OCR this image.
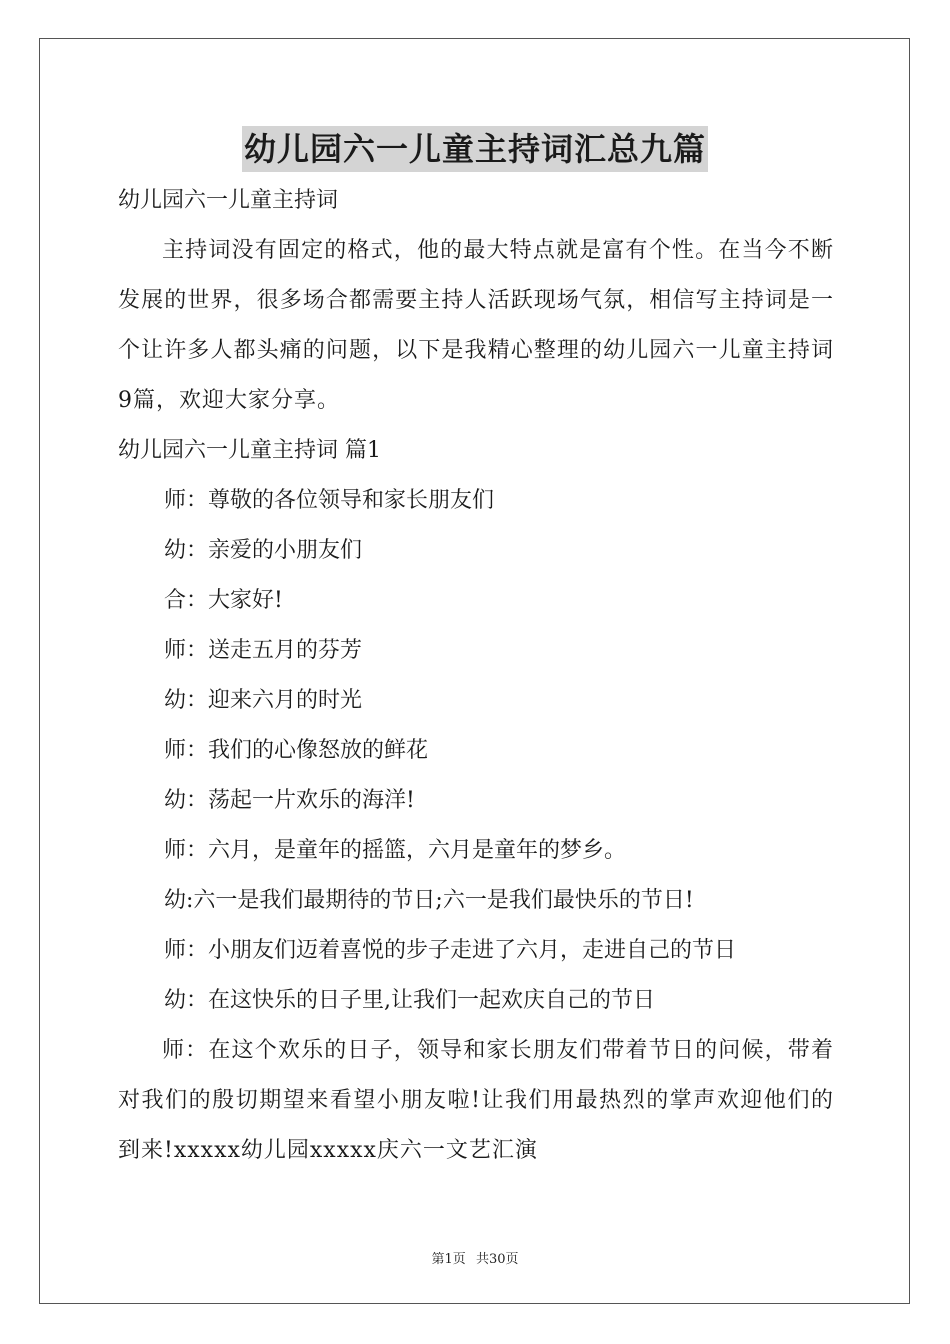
幼儿园六一儿童主持词汇总九篇

幼儿园六一儿童主持词

主持词没有固定的格式，他的最大特点就是富有个性。在当今不断发展的世界，很多场合都需要主持人活跃现场气氛，相信写主持词是一个让许多人都头痛的问题，以下是我精心整理的幼儿园六一儿童主持词9篇，欢迎大家分享。

幼儿园六一儿童主持词 篇1

师：尊敬的各位领导和家长朋友们

幼：亲爱的小朋友们

合：大家好!

师：送走五月的芬芳

幼：迎来六月的时光

师：我们的心像怒放的鲜花

幼：荡起一片欢乐的海洋!

师：六月，是童年的摇篮，六月是童年的梦乡。

幼:六一是我们最期待的节日;六一是我们最快乐的节日!

师：小朋友们迈着喜悦的步子走进了六月，走进自己的节日

幼：在这快乐的日子里,让我们一起欢庆自己的节日

师：在这个欢乐的日子，领导和家长朋友们带着节日的问候，带着对我们的殷切期望来看望小朋友啦!让我们用最热烈的掌声欢迎他们的到来!xxxxx幼儿园xxxxx庆六一文艺汇演

第1页 共30页
